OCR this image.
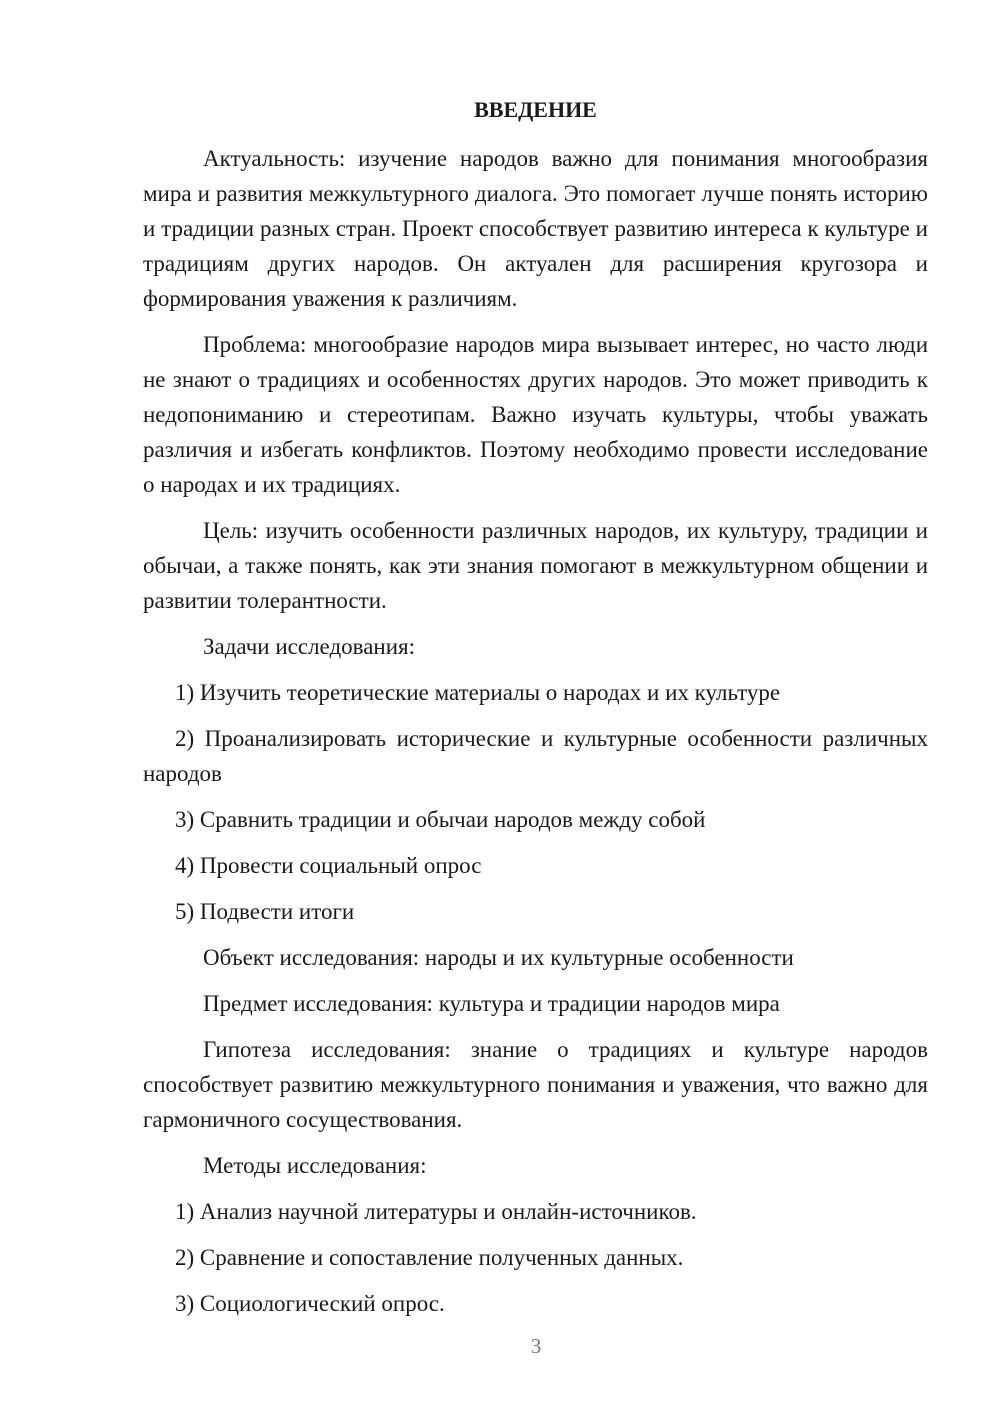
ВВЕДЕНИЕ

Актуальность: изучение народов важно для понимания многообразия мира и развития межкультурного диалога. Это помогает лучше понять историю и традиции разных стран. Проект способствует развитию интереса к культуре и традициям других народов. Он актуален для расширения кругозора и формирования уважения к различиям.

Проблема: многообразие народов мира вызывает интерес, но часто люди не знают о традициях и особенностях других народов. Это может приводить к недопониманию и стереотипам. Важно изучать культуры, чтобы уважать различия и избегать конфликтов. Поэтому необходимо провести исследование о народах и их традициях.

Цель: изучить особенности различных народов, их культуру, традиции и обычаи, а также понять, как эти знания помогают в межкультурном общении и развитии толерантности.

Задачи исследования:

1) Изучить теоретические материалы о народах и их культуре

2) Проанализировать исторические и культурные особенности различных народов

3) Сравнить традиции и обычаи народов между собой

4) Провести социальный опрос

5) Подвести итоги

Объект исследования: народы и их культурные особенности

Предмет исследования: культура и традиции народов мира

Гипотеза исследования: знание о традициях и культуре народов способствует развитию межкультурного понимания и уважения, что важно для гармоничного сосуществования.

Методы исследования:

1) Анализ научной литературы и онлайн-источников.

2) Сравнение и сопоставление полученных данных.

3) Социологический опрос.

3
